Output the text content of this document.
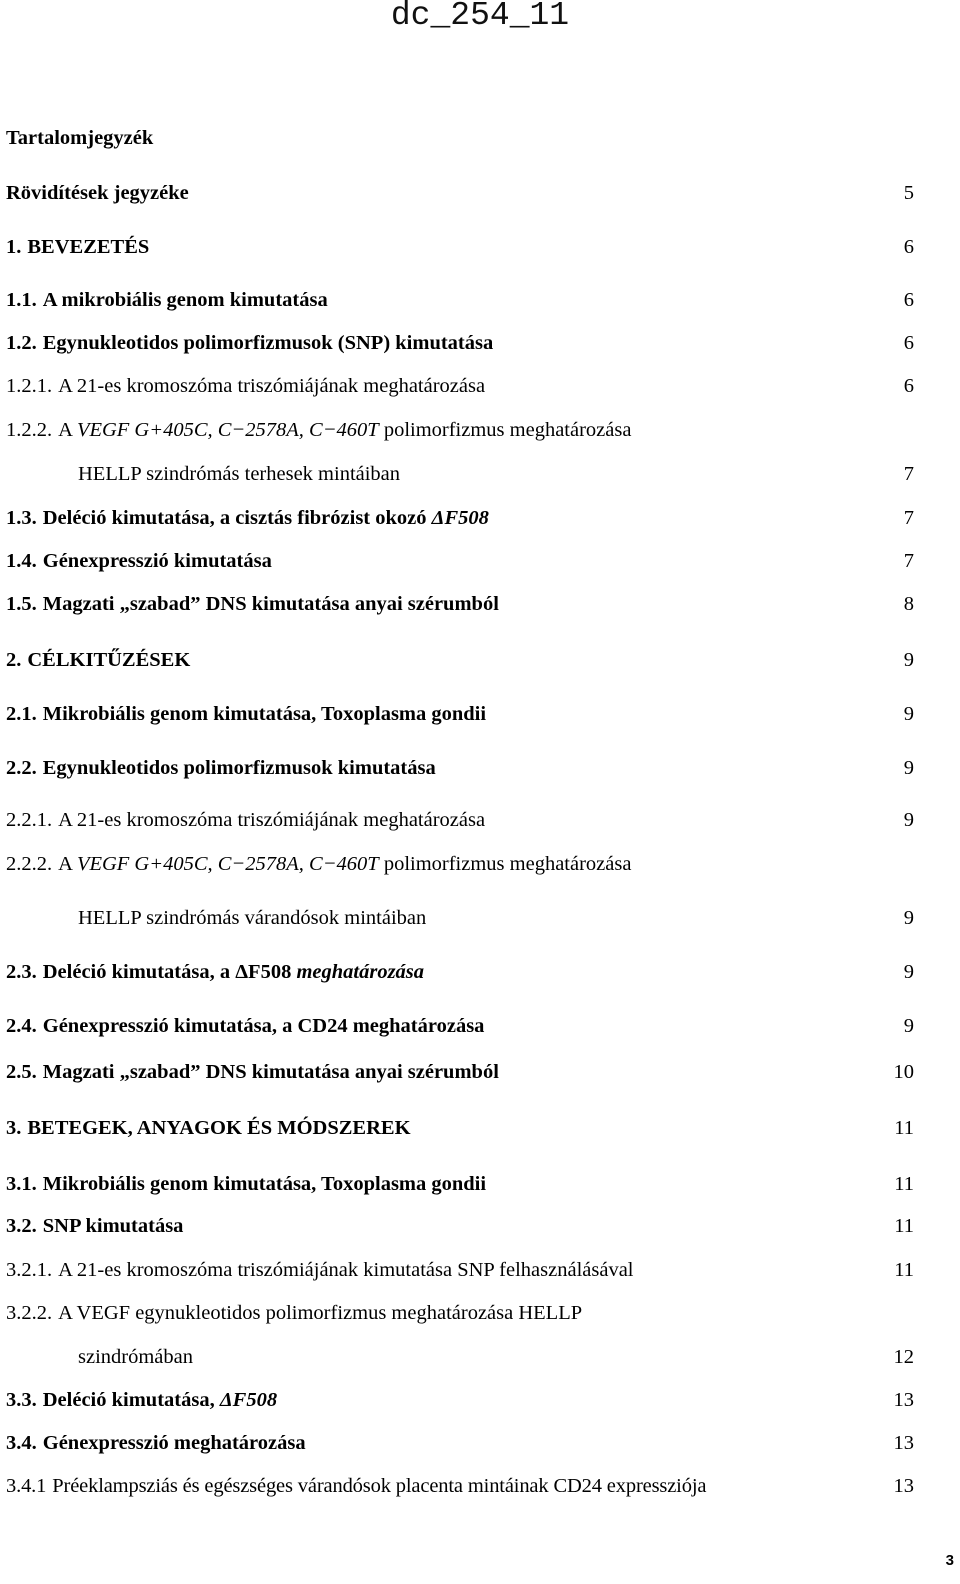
dc_254_11
Tartalomjegyzék
Rövidítések jegyzéke	5
1. BEVEZETÉS	6
1.1. A mikrobiális genom kimutatása	6
1.2. Egynukleotidos polimorfizmusok (SNP) kimutatása	6
1.2.1. A 21-es kromoszóma triszómiájának meghatározása	6
1.2.2. A VEGF G+405C, C−2578A, C−460T polimorfizmus meghatározása
HELLP szindrómás terhesek mintáiban	7
1.3. Deléció kimutatása, a cisztás fibrózist okozó ΔF508	7
1.4. Génexpresszió kimutatása	7
1.5. Magzati „szabad” DNS kimutatása anyai szérumból	8
2. CÉLKITŰZÉSEK	9
2.1. Mikrobiális genom kimutatása, Toxoplasma gondii	9
2.2. Egynukleotidos polimorfizmusok kimutatása	9
2.2.1. A 21-es kromoszóma triszómiájának meghatározása	9
2.2.2. A VEGF G+405C, C−2578A, C−460T polimorfizmus meghatározása
HELLP szindrómás várandósok mintáiban	9
2.3. Deléció kimutatása, a ΔF508 meghatározása	9
2.4. Génexpresszió kimutatása, a CD24 meghatározása	9
2.5. Magzati „szabad” DNS kimutatása anyai szérumból	10
3. BETEGEK, ANYAGOK ÉS MÓDSZEREK	11
3.1. Mikrobiális genom kimutatása, Toxoplasma gondii	11
3.2. SNP kimutatása	11
3.2.1. A 21-es kromoszóma triszómiájának kimutatása SNP felhasználásával	11
3.2.2. A VEGF egynukleotidos polimorfizmus meghatározása HELLP
szindrómában	12
3.3. Deléció kimutatása, ΔF508	13
3.4. Génexpresszió meghatározása	13
3.4.1 Préeklampsziás és egészséges várandósok placenta mintáinak CD24 expressziója	13
3
